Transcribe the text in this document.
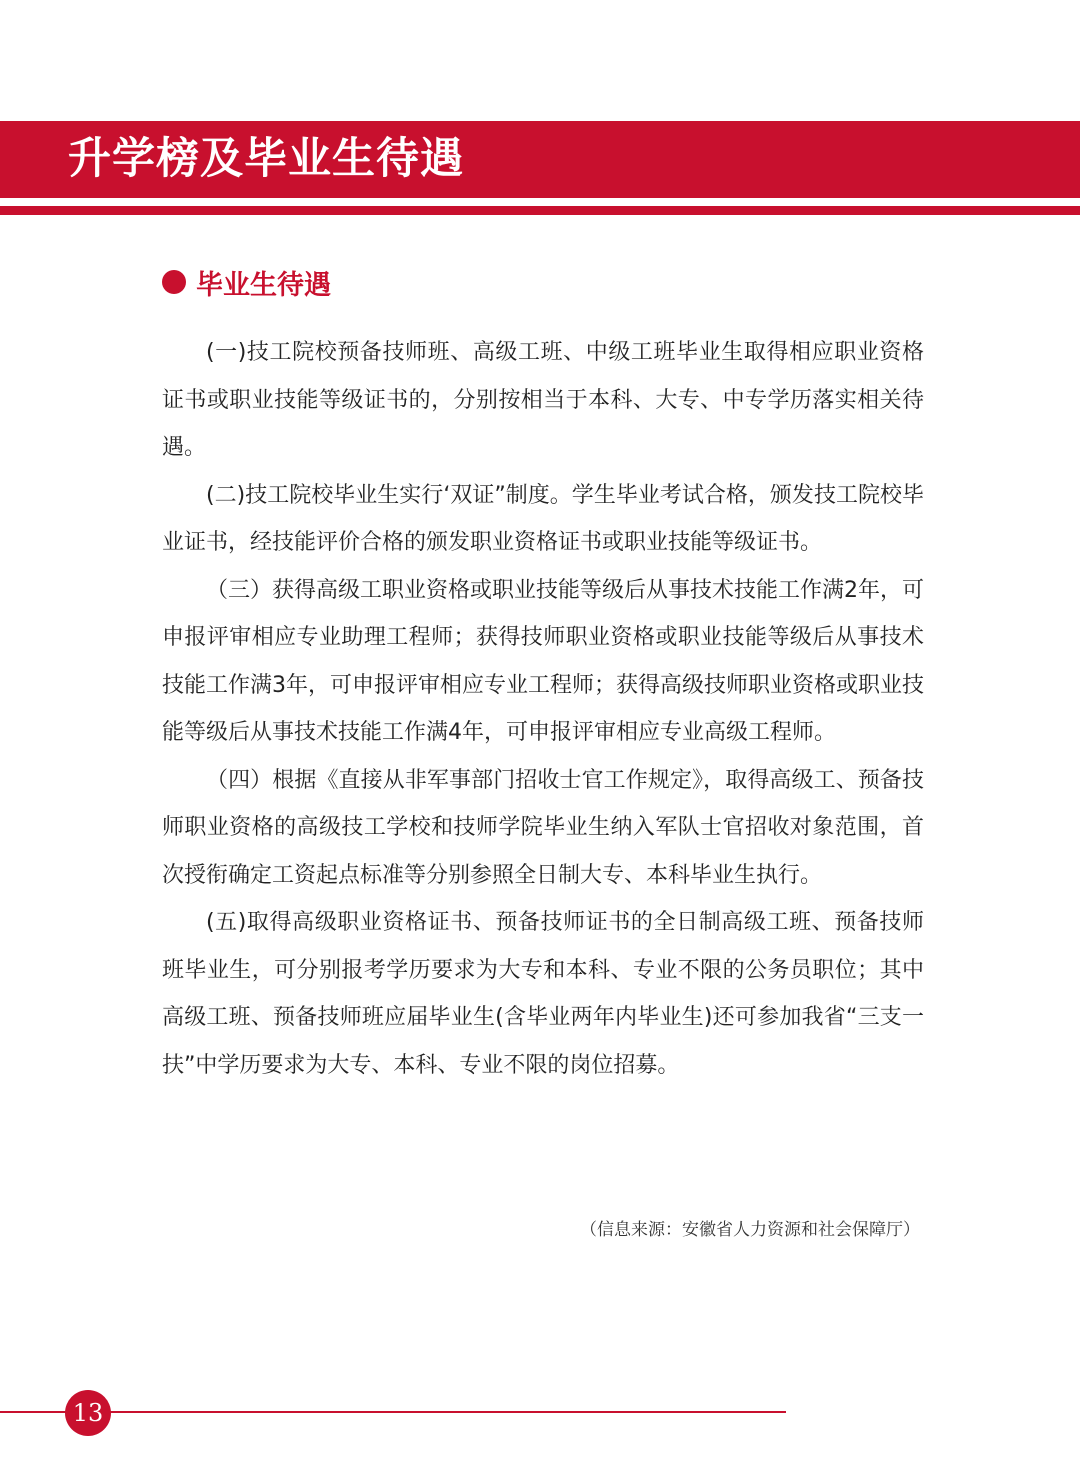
升学榜及毕业生待遇
毕业生待遇

(一)技工院校预备技师班、高级工班、中级工班毕业生取得相应职业资格证书或职业技能等级证书的，分别按相当于本科、大专、中专学历落实相关待遇。

(二)技工院校毕业生实行‘双证”制度。学生毕业考试合格，颁发技工院校毕业证书，经技能评价合格的颁发职业资格证书或职业技能等级证书。

（三）获得高级工职业资格或职业技能等级后从事技术技能工作满2年，可申报评审相应专业助理工程师；获得技师职业资格或职业技能等级后从事技术技能工作满3年，可申报评审相应专业工程师；获得高级技师职业资格或职业技能等级后从事技术技能工作满4年，可申报评审相应专业高级工程师。

（四）根据《直接从非军事部门招收士官工作规定》，取得高级工、预备技师职业资格的高级技工学校和技师学院毕业生纳入军队士官招收对象范围，首次授衔确定工资起点标准等分别参照全日制大专、本科毕业生执行。

(五)取得高级职业资格证书、预备技师证书的全日制高级工班、预备技师班毕业生，可分别报考学历要求为大专和本科、专业不限的公务员职位；其中高级工班、预备技师班应届毕业生(含毕业两年内毕业生)还可参加我省“三支一扶”中学历要求为大专、本科、专业不限的岗位招募。

（信息来源：安徽省人力资源和社会保障厅）
13
